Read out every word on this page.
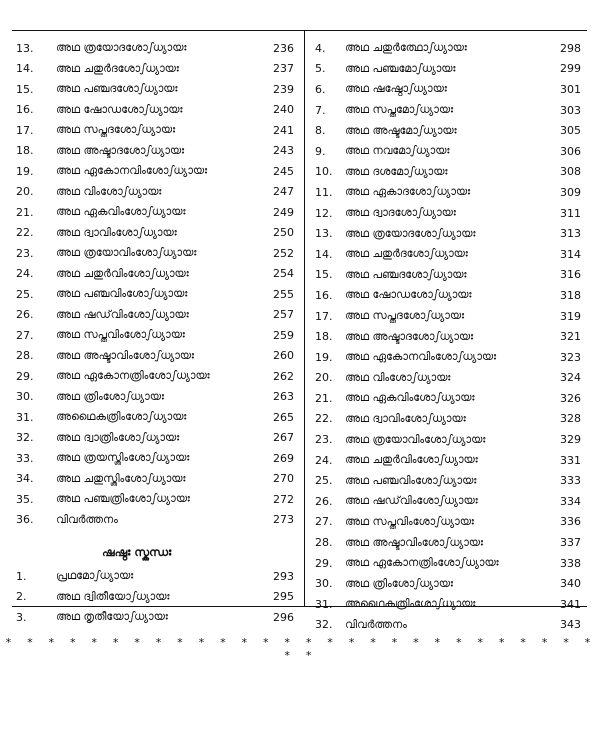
13.	അഥ ത്രയോദശോഽധ്യായഃ	236
14.	അഥ ചതുർദശോഽധ്യായഃ	237
15.	അഥ പഞ്ചദശോഽധ്യായഃ	239
16.	അഥ ഷോഡശോഽധ്യായഃ	240
17.	അഥ സപ്തദശോഽധ്യായഃ	241
18.	അഥ അഷ്ടാദശോഽധ്യായഃ	243
19.	അഥ ഏകോനവിംശോഽധ്യായഃ	245
20.	അഥ വിംശോഽധ്യായഃ	247
21.	അഥ ഏകവിംശോഽധ്യായഃ	249
22.	അഥ ദ്വാവിംശോഽധ്യായഃ	250
23.	അഥ ത്രയോവിംശോഽധ്യായഃ	252
24.	അഥ ചതുർവിംശോഽധ്യായഃ	254
25.	അഥ പഞ്ചവിംശോഽധ്യായഃ	255
26.	അഥ ഷഡ്‌വിംശോഽധ്യായഃ	257
27.	അഥ സപ്തവിംശോഽധ്യായഃ	259
28.	അഥ അഷ്ടാവിംശോഽധ്യായഃ	260
29.	അഥ ഏകോനത്രിംശോഽധ്യായഃ	262
30.	അഥ ത്രിംശോഽധ്യായഃ	263
31.	അഥൈകത്രിംശോഽധ്യായഃ	265
32.	അഥ ദ്വാത്രിംശോഽധ്യായഃ	267
33.	അഥ ത്രയസ്ത്രിംശോഽധ്യായഃ	269
34.	അഥ ചതുസ്ത്രിംശോഽധ്യായഃ	270
35.	അഥ പഞ്ചത്രിംശോഽധ്യായഃ	272
36.	വിവർത്തനം	273
ഷഷ്ഠഃ സ്കന്ധഃ
1.	പ്രഥമോഽധ്യായഃ	293
2.	അഥ ദ്വിതീയോഽധ്യായഃ	295
3.	അഥ തൃതീയോഽധ്യായഃ	296
4.	അഥ ചതുർത്ഥോഽധ്യായഃ	298
5.	അഥ പഞ്ചമോഽധ്യായഃ	299
6.	അഥ ഷഷ്ഠോഽധ്യായഃ	301
7.	അഥ സപ്തമോഽധ്യായഃ	303
8.	അഥ അഷ്ടമോഽധ്യായഃ	305
9.	അഥ നവമോഽധ്യായഃ	306
10.	അഥ ദശമോഽധ്യായഃ	308
11.	അഥ ഏകാദശോഽധ്യായഃ	309
12.	അഥ ദ്വാദശോഽധ്യായഃ	311
13.	അഥ ത്രയോദശോഽധ്യായഃ	313
14.	അഥ ചതുർദശോഽധ്യായഃ	314
15.	അഥ പഞ്ചദശോഽധ്യായഃ	316
16.	അഥ ഷോഡശോഽധ്യായഃ	318
17.	അഥ സപ്തദശോഽധ്യായഃ	319
18.	അഥ അഷ്ടാദശോഽധ്യായഃ	321
19.	അഥ ഏകോനവിംശോഽധ്യായഃ	323
20.	അഥ വിംശോഽധ്യായഃ	324
21.	അഥ ഏകവിംശോഽധ്യായഃ	326
22.	അഥ ദ്വാവിംശോഽധ്യായഃ	328
23.	അഥ ത്രയോവിംശോഽധ്യായഃ	329
24.	അഥ ചതുർവിംശോഽധ്യായഃ	331
25.	അഥ പഞ്ചവിംശോഽധ്യായഃ	333
26.	അഥ ഷഡ്‌വിംശോഽധ്യായഃ	334
27.	അഥ സപ്തവിംശോഽധ്യായഃ	336
28.	അഥ അഷ്ടാവിംശോഽധ്യായഃ	337
29.	അഥ ഏകോനത്രിംശോഽധ്യായഃ	338
30.	അഥ ത്രിംശോഽധ്യായഃ	340
31.	അഥൈകത്രിംശോഽധ്യായഃ	341
32.	വിവർത്തനം	343
* * * * * * * * * * * * * * * * * * * * * * * * * * * * * *
